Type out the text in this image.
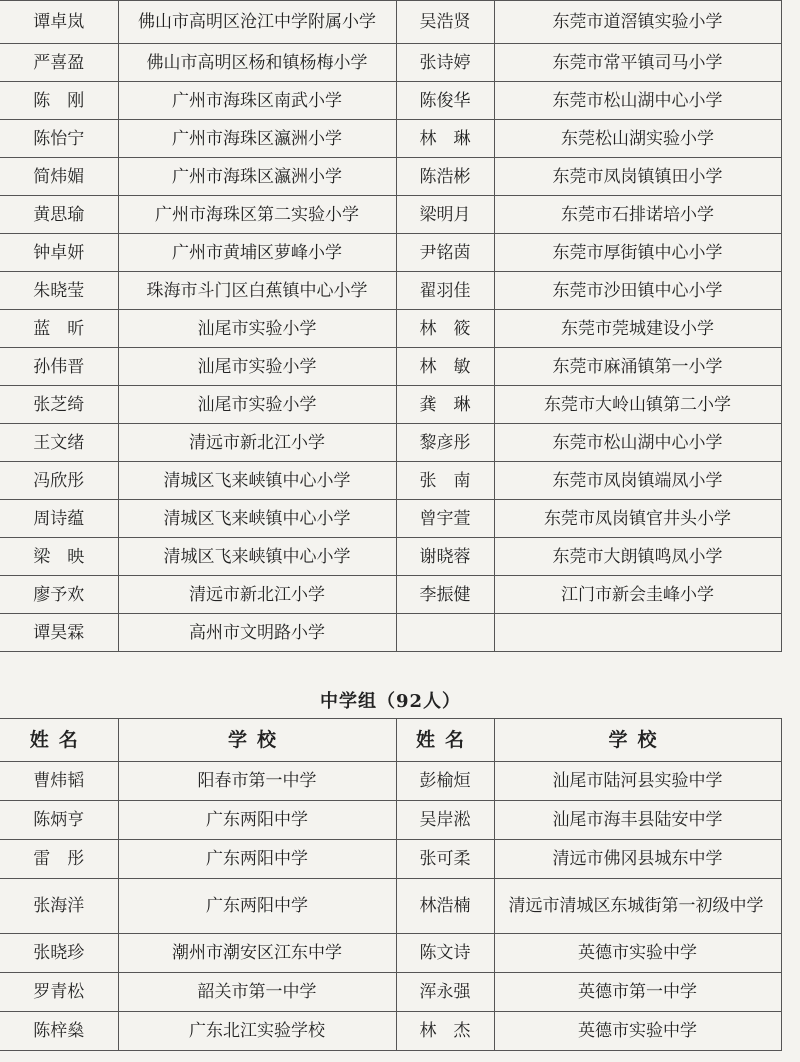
谭卓岚	佛山市高明区沧江中学附属小学	吴浩贤	东莞市道滘镇实验小学
严喜盈	佛山市高明区杨和镇杨梅小学	张诗婷	东莞市常平镇司马小学
陈　刚	广州市海珠区南武小学	陈俊华	东莞市松山湖中心小学
陈怡宁	广州市海珠区瀛洲小学	林　琳	东莞松山湖实验小学
简炜媚	广州市海珠区瀛洲小学	陈浩彬	东莞市凤岗镇镇田小学
黄思瑜	广州市海珠区第二实验小学	梁明月	东莞市石排诺培小学
钟卓妍	广州市黄埔区萝峰小学	尹铭茵	东莞市厚街镇中心小学
朱晓莹	珠海市斗门区白蕉镇中心小学	翟羽佳	东莞市沙田镇中心小学
蓝　昕	汕尾市实验小学	林　筱	东莞市莞城建设小学
孙伟晋	汕尾市实验小学	林　敏	东莞市麻涌镇第一小学
张芝绮	汕尾市实验小学	龚　琳	东莞市大岭山镇第二小学
王文绪	清远市新北江小学	黎彦彤	东莞市松山湖中心小学
冯欣彤	清城区飞来峡镇中心小学	张　南	东莞市凤岗镇端凤小学
周诗蕴	清城区飞来峡镇中心小学	曾宇萱	东莞市凤岗镇官井头小学
梁　映	清城区飞来峡镇中心小学	谢晓蓉	东莞市大朗镇鸣凤小学
廖予欢	清远市新北江小学	李振健	江门市新会圭峰小学
谭昊霖	高州市文明路小学		
中学组（92人）
姓名	学校	姓名	学校
曹炜韬	阳春市第一中学	彭榆烜	汕尾市陆河县实验中学
陈炳亨	广东两阳中学	吴岸淞	汕尾市海丰县陆安中学
雷　彤	广东两阳中学	张可柔	清远市佛冈县城东中学
张海洋	广东两阳中学	林浩楠	清远市清城区东城街第一初级中学
张晓珍	潮州市潮安区江东中学	陈文诗	英德市实验中学
罗青松	韶关市第一中学	浑永强	英德市第一中学
陈梓燊	广东北江实验学校	林　杰	英德市实验中学
